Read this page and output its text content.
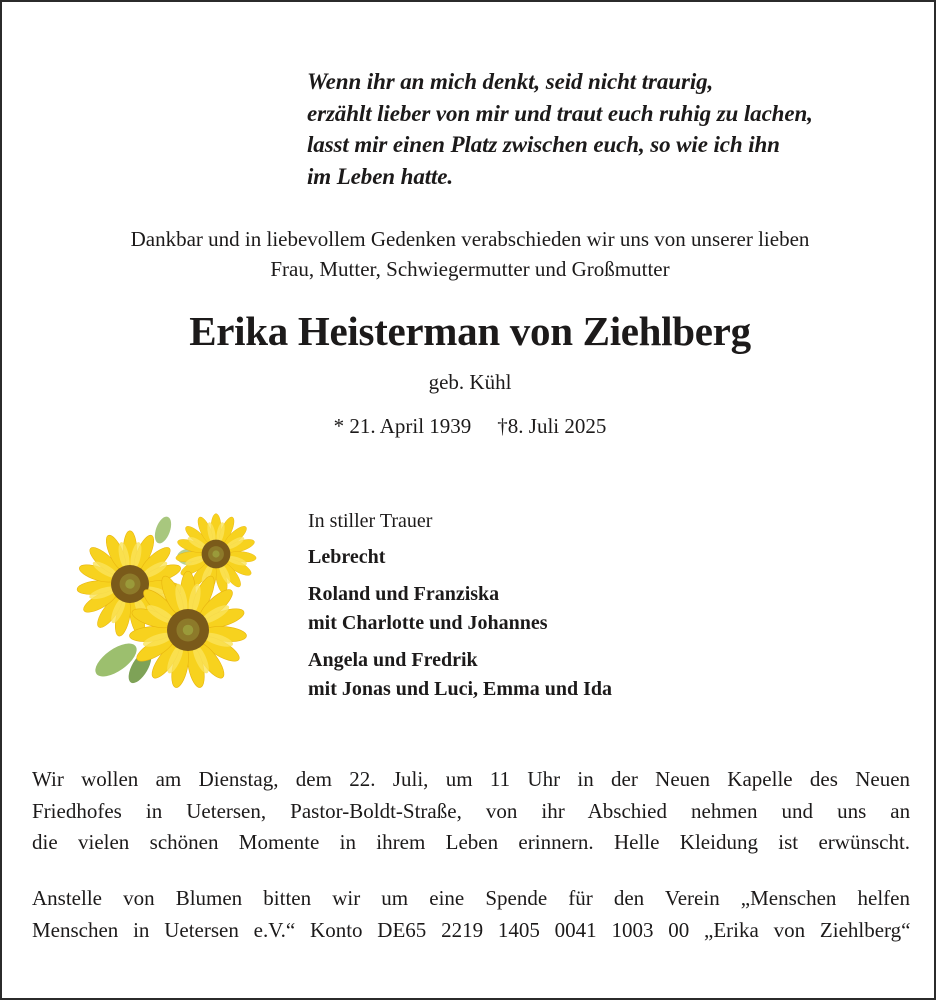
Wenn ihr an mich denkt, seid nicht traurig,
erzählt lieber von mir und traut euch ruhig zu lachen,
lasst mir einen Platz zwischen euch, so wie ich ihn
im Leben hatte.
Dankbar und in liebevollem Gedenken verabschieden wir uns von unserer lieben
Frau, Mutter, Schwiegermutter und Großmutter
Erika Heisterman von Ziehlberg
geb. Kühl
* 21. April 1939 †8. Juli 2025
In stiller Trauer
Lebrecht
Roland und Franziska
mit Charlotte und Johannes
Angela und Fredrik
mit Jonas und Luci, Emma und Ida
Wir wollen am Dienstag, dem 22. Juli, um 11 Uhr in der Neuen Kapelle des Neuen
Friedhofes in Uetersen, Pastor-Boldt-Straße, von ihr Abschied nehmen und uns an
die vielen schönen Momente in ihrem Leben erinnern. Helle Kleidung ist erwünscht.
Anstelle von Blumen bitten wir um eine Spende für den Verein „Menschen helfen
Menschen in Uetersen e.V.“ Konto DE65 2219 1405 0041 1003 00 „Erika von Ziehlberg“
